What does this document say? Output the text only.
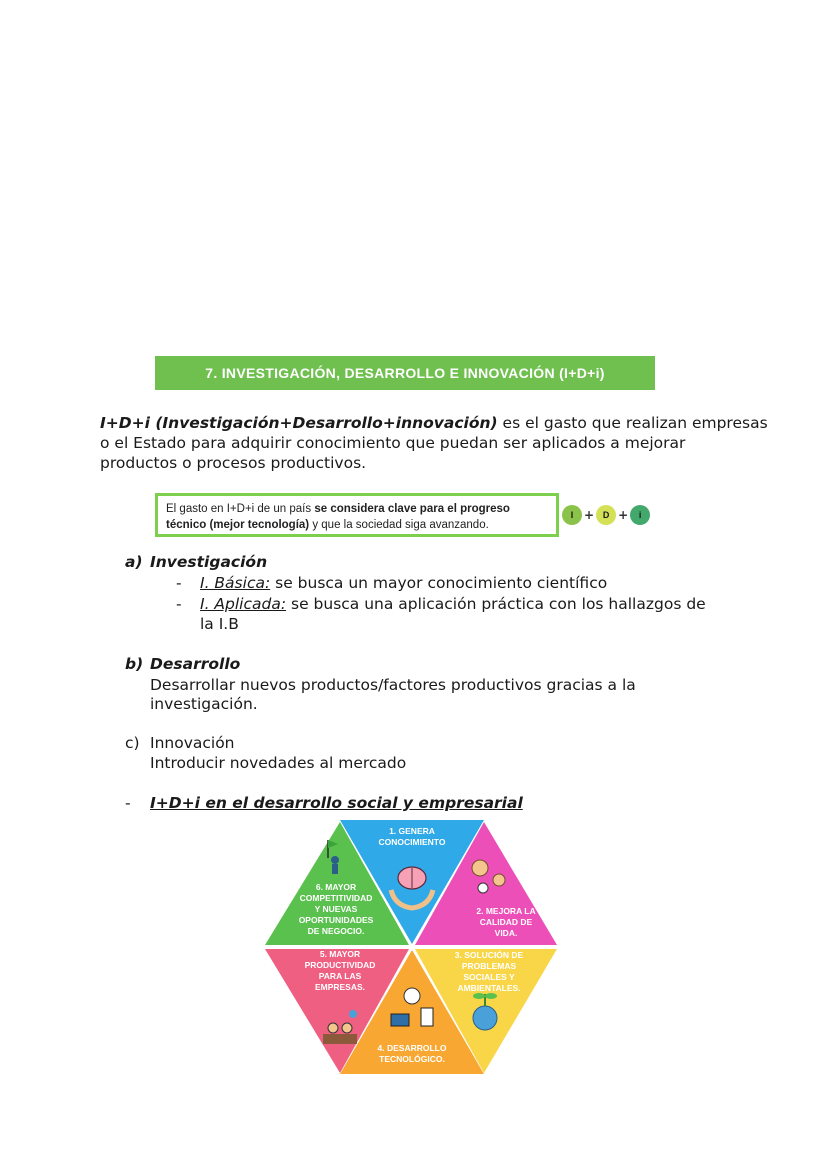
7. INVESTIGACIÓN, DESARROLLO E INNOVACIÓN (I+D+i)
I+D+i (Investigación+Desarrollo+innovación) es el gasto que realizan empresas
o el Estado para adquirir conocimiento que puedan ser aplicados a mejorar
productos o procesos productivos.
El gasto en I+D+i de un país se considera clave para el progreso
técnico (mejor tecnología) y que la sociedad siga avanzando.
I + D +	i
a) Investigación
- I. Básica: se busca un mayor conocimiento científico
- I. Aplicada: se busca una aplicación práctica con los hallazgos de
la I.B
b) Desarrollo
Desarrollar nuevos productos/factores productivos gracias a la
investigación.
c) Innovación
Introducir novedades al mercado
- I+D+i en el desarrollo social y empresarial
1. GENERA CONOCIMIENTO
2. MEJORA LA CALIDAD DE VIDA.
3. SOLUCIÓN DE PROBLEMAS SOCIALES Y AMBIENTALES.
4. DESARROLLO TECNOLÓGICO.
5. MAYOR PRODUCTIVIDAD PARA LAS EMPRESAS.
6. MAYOR COMPETITIVIDAD Y NUEVAS OPORTUNIDADES DE NEGOCIO.
